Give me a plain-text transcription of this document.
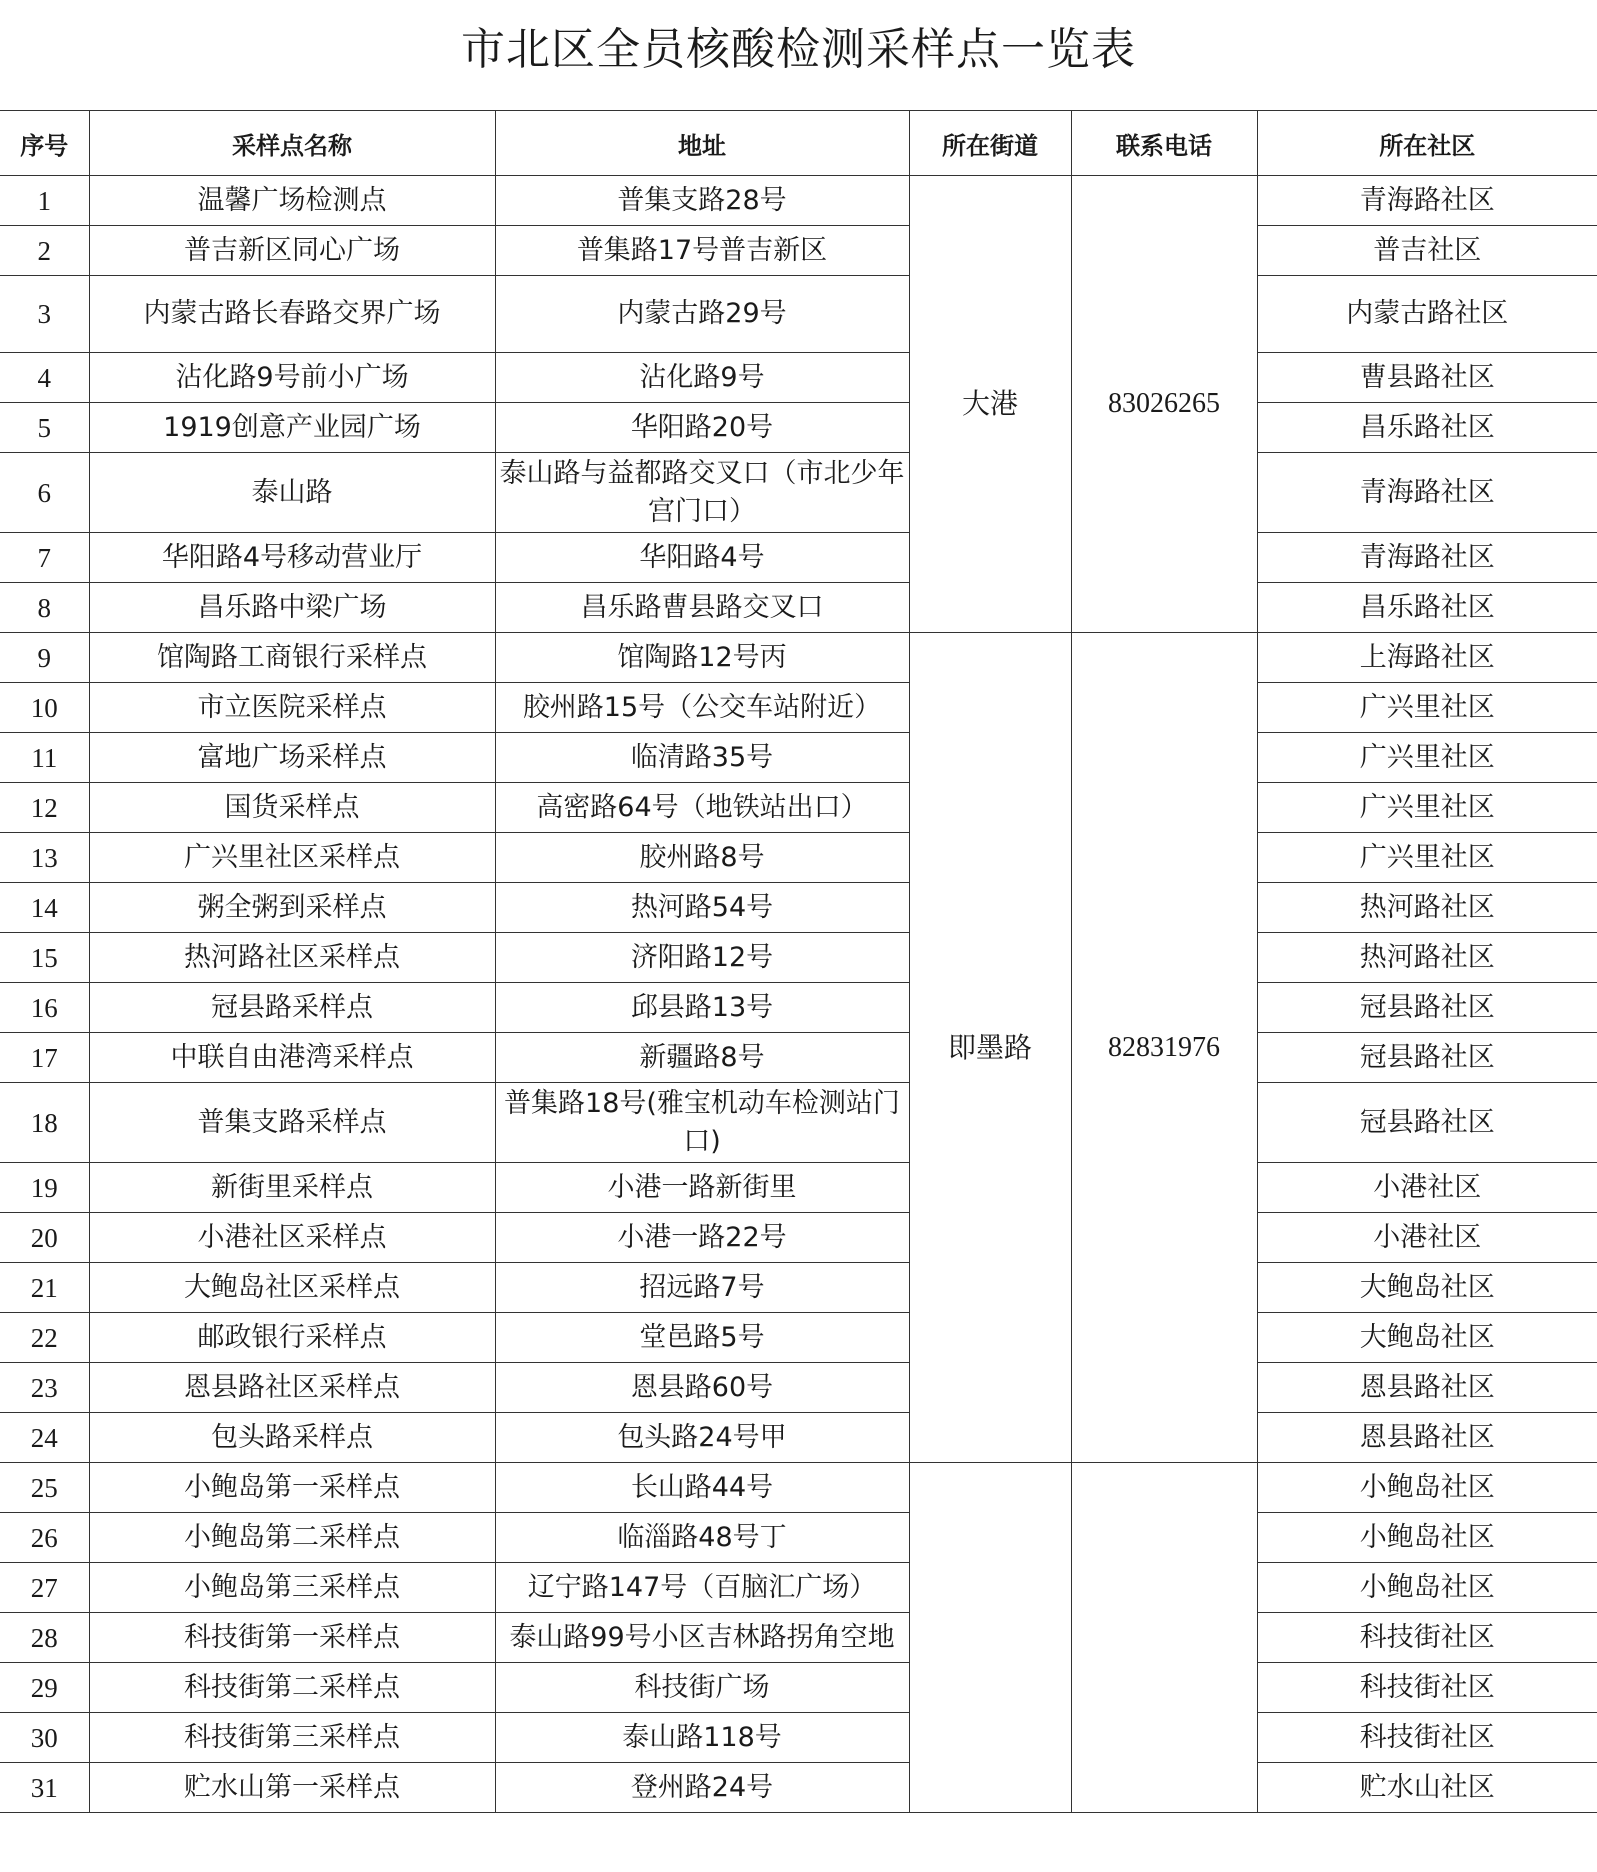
市北区全员核酸检测采样点一览表
序号	采样点名称	地址	所在街道	联系电话	所在社区
1	温馨广场检测点	普集支路28号	大港	83026265	青海路社区
2	普吉新区同心广场	普集路17号普吉新区			普吉社区
3	内蒙古路长春路交界广场	内蒙古路29号			内蒙古路社区
4	沾化路9号前小广场	沾化路9号			曹县路社区
5	1919创意产业园广场	华阳路20号			昌乐路社区
6	泰山路	泰山路与益都路交叉口（市北少年宫门口）			青海路社区
7	华阳路4号移动营业厅	华阳路4号			青海路社区
8	昌乐路中梁广场	昌乐路曹县路交叉口			昌乐路社区
9	馆陶路工商银行采样点	馆陶路12号丙	即墨路	82831976	上海路社区
10	市立医院采样点	胶州路15号（公交车站附近）			广兴里社区
11	富地广场采样点	临清路35号			广兴里社区
12	国货采样点	高密路64号（地铁站出口）			广兴里社区
13	广兴里社区采样点	胶州路8号			广兴里社区
14	粥全粥到采样点	热河路54号			热河路社区
15	热河路社区采样点	济阳路12号			热河路社区
16	冠县路采样点	邱县路13号			冠县路社区
17	中联自由港湾采样点	新疆路8号			冠县路社区
18	普集支路采样点	普集路18号(雅宝机动车检测站门口)			冠县路社区
19	新街里采样点	小港一路新街里			小港社区
20	小港社区采样点	小港一路22号			小港社区
21	大鲍岛社区采样点	招远路7号			大鲍岛社区
22	邮政银行采样点	堂邑路5号			大鲍岛社区
23	恩县路社区采样点	恩县路60号			恩县路社区
24	包头路采样点	包头路24号甲			恩县路社区
25	小鲍岛第一采样点	长山路44号			小鲍岛社区
26	小鲍岛第二采样点	临淄路48号丁			小鲍岛社区
27	小鲍岛第三采样点	辽宁路147号（百脑汇广场）			小鲍岛社区
28	科技街第一采样点	泰山路99号小区吉林路拐角空地			科技街社区
29	科技街第二采样点	科技街广场			科技街社区
30	科技街第三采样点	泰山路118号			科技街社区
31	贮水山第一采样点	登州路24号			贮水山社区
